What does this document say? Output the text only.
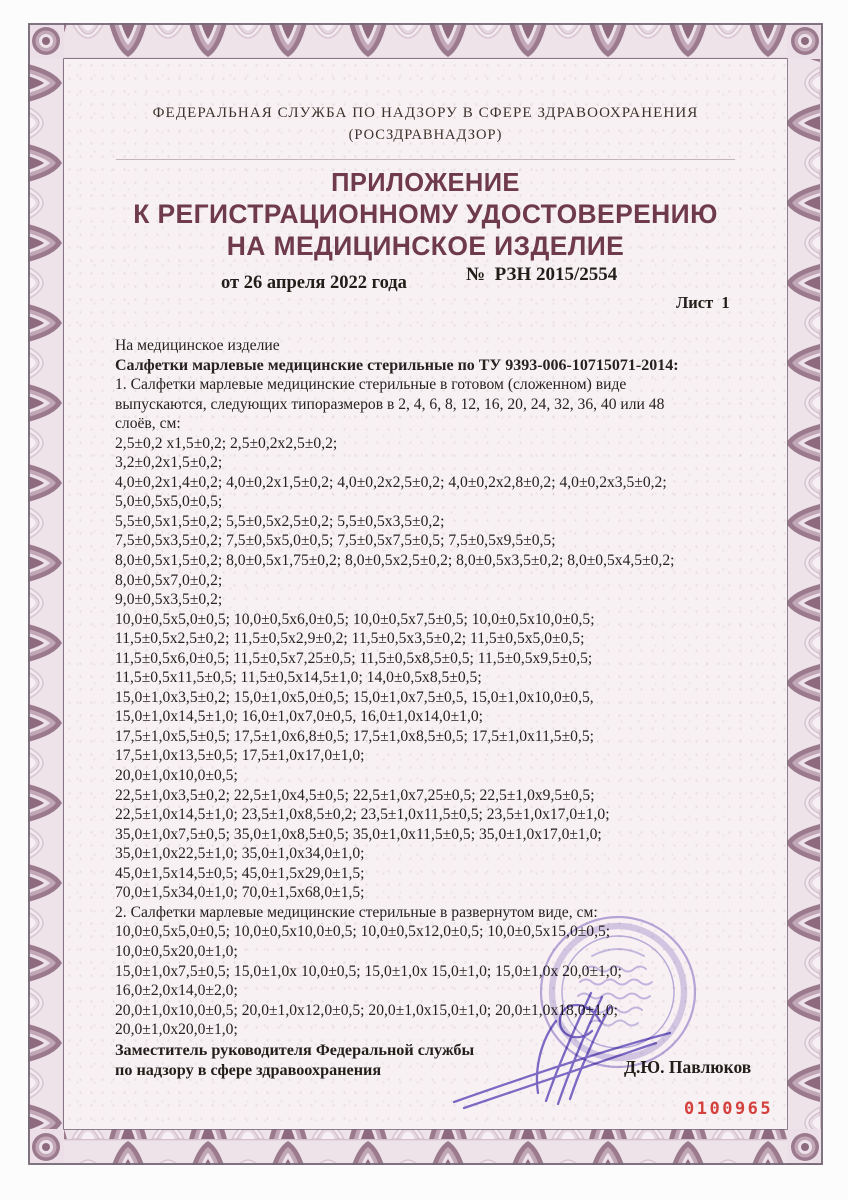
ФЕДЕРАЛЬНАЯ СЛУЖБА ПО НАДЗОРУ В СФЕРЕ ЗДРАВООХРАНЕНИЯ
(РОСЗДРАВНАДЗОР)
ПРИЛОЖЕНИЕ
К РЕГИСТРАЦИОННОМУ УДОСТОВЕРЕНИЮ
НА МЕДИЦИНСКОЕ ИЗДЕЛИЕ
от 26 апреля 2022 года	№  РЗН 2015/2554
Лист 1
На медицинское изделие
Салфетки марлевые медицинские стерильные по ТУ 9393-006-10715071-2014:
1. Салфетки марлевые медицинские стерильные в готовом (сложенном) виде
выпускаются, следующих типоразмеров в 2, 4, 6, 8, 12, 16, 20, 24, 32, 36, 40 или 48
слоёв, см:
2,5±0,2 х1,5±0,2; 2,5±0,2х2,5±0,2;
3,2±0,2х1,5±0,2;
4,0±0,2х1,4±0,2; 4,0±0,2х1,5±0,2; 4,0±0,2х2,5±0,2; 4,0±0,2х2,8±0,2; 4,0±0,2х3,5±0,2;
5,0±0,5х5,0±0,5;
5,5±0,5х1,5±0,2; 5,5±0,5х2,5±0,2; 5,5±0,5х3,5±0,2;
7,5±0,5х3,5±0,2; 7,5±0,5х5,0±0,5; 7,5±0,5х7,5±0,5; 7,5±0,5х9,5±0,5;
8,0±0,5х1,5±0,2; 8,0±0,5х1,75±0,2; 8,0±0,5х2,5±0,2; 8,0±0,5х3,5±0,2; 8,0±0,5х4,5±0,2;
8,0±0,5х7,0±0,2;
9,0±0,5х3,5±0,2;
10,0±0,5х5,0±0,5; 10,0±0,5х6,0±0,5; 10,0±0,5х7,5±0,5; 10,0±0,5х10,0±0,5;
11,5±0,5х2,5±0,2; 11,5±0,5х2,9±0,2; 11,5±0,5х3,5±0,2; 11,5±0,5х5,0±0,5;
11,5±0,5х6,0±0,5; 11,5±0,5х7,25±0,5; 11,5±0,5х8,5±0,5; 11,5±0,5х9,5±0,5;
11,5±0,5х11,5±0,5; 11,5±0,5х14,5±1,0; 14,0±0,5х8,5±0,5;
15,0±1,0х3,5±0,2; 15,0±1,0х5,0±0,5; 15,0±1,0х7,5±0,5, 15,0±1,0х10,0±0,5,
15,0±1,0х14,5±1,0; 16,0±1,0х7,0±0,5, 16,0±1,0х14,0±1,0;
17,5±1,0х5,5±0,5; 17,5±1,0х6,8±0,5; 17,5±1,0х8,5±0,5; 17,5±1,0х11,5±0,5;
17,5±1,0х13,5±0,5; 17,5±1,0х17,0±1,0;
20,0±1,0х10,0±0,5;
22,5±1,0х3,5±0,2; 22,5±1,0х4,5±0,5; 22,5±1,0х7,25±0,5; 22,5±1,0х9,5±0,5;
22,5±1,0х14,5±1,0; 23,5±1,0х8,5±0,2; 23,5±1,0х11,5±0,5; 23,5±1,0х17,0±1,0;
35,0±1,0х7,5±0,5; 35,0±1,0х8,5±0,5; 35,0±1,0х11,5±0,5; 35,0±1,0х17,0±1,0;
35,0±1,0х22,5±1,0; 35,0±1,0х34,0±1,0;
45,0±1,5х14,5±0,5; 45,0±1,5х29,0±1,5;
70,0±1,5х34,0±1,0; 70,0±1,5х68,0±1,5;
2. Салфетки марлевые медицинские стерильные в развернутом виде, см:
10,0±0,5х5,0±0,5; 10,0±0,5х10,0±0,5; 10,0±0,5х12,0±0,5; 10,0±0,5х15,0±0,5;
10,0±0,5х20,0±1,0;
15,0±1,0х7,5±0,5; 15,0±1,0х 10,0±0,5; 15,0±1,0х 15,0±1,0; 15,0±1,0х 20,0±1,0;
16,0±2,0х14,0±2,0;
20,0±1,0х10,0±0,5; 20,0±1,0х12,0±0,5; 20,0±1,0х15,0±1,0; 20,0±1,0х18,0±1,0;
20,0±1,0х20,0±1,0;
Заместитель руководителя Федеральной службы
по надзору в сфере здравоохранения	Д.Ю. Павлюков
0100965
